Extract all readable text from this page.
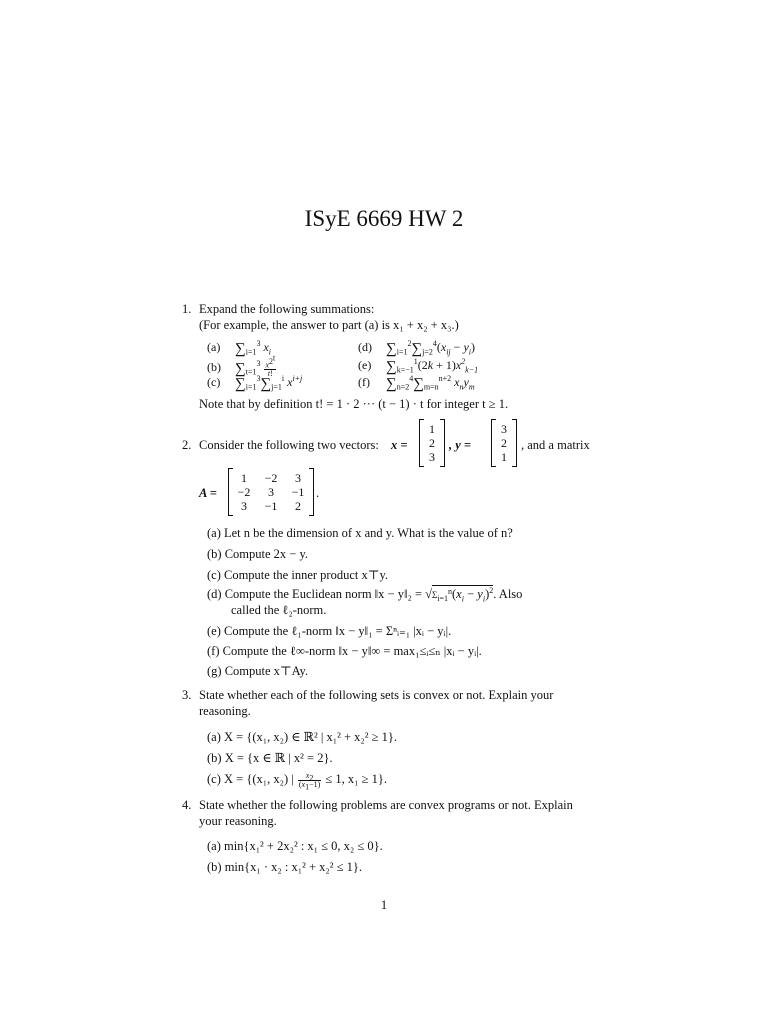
ISyE 6669 HW 2
1. Expand the following summations:
(For example, the answer to part (a) is x₁ + x₂ + x₃.)
(a) $\sum_{i=1}^3$ $x_i$
(b) $\sum_{t=1}^3 \frac{x^{2^t}}{t!}$
(c) $\sum_{i=1}^3\sum_{j=1}^i$ $x^{i+j}$
(d) $\sum_{i=1}^2\sum_{j=2}^4(x_{ij} - y_i)$
(e) $\sum_{k=-1}^1(2k + 1)x^2_{k-1}$
(f) $\sum_{n=2}^4\sum_{m=n}^{n+2}$ $x_ny_m$
Note that by definition t! = 1 · 2 ··· (t − 1) · t for integer t ≥ 1.
2. Consider the following two vectors: x =
1
2
3
, y =
3
2
1
, and a matrix
A =
1	−2	3
−2	3	−1
3	−1	2
.
(a) Let n be the dimension of x and y. What is the value of n?
(b) Compute 2x − y.
(c) Compute the inner product x⊤y.
(d) Compute the Euclidean norm ‖x − y‖₂ = $√\Sigma_{i=1}^n(x_i - y_i)^2$. Also
called the ℓ₂-norm.
(e) Compute the ℓ₁-norm ‖x − y‖₁ = Σⁿᵢ₌₁ |xᵢ − yᵢ|.
(f) Compute the ℓ∞-norm ‖x − y‖∞ = max₁≤ᵢ≤ₙ |xᵢ − yᵢ|.
(g) Compute x⊤Ay.
3. State whether each of the following sets is convex or not. Explain your
reasoning.
(a) X = {(x₁, x₂) ∈ ℝ² | x₁² + x₂² ≥ 1}.
(b) X = {x ∈ ℝ | x² = 2}.
(c) X = {(x₁, x₂) | $\frac{x_2}{(x_1-1)} \le 1$, x₁ ≥ 1}.
4. State whether the following problems are convex programs or not. Explain
your reasoning.
(a) min{x₁² + 2x₂² : x₁ ≤ 0, x₂ ≤ 0}.
(b) min{x₁ · x₂ : x₁² + x₂² ≤ 1}.
1
